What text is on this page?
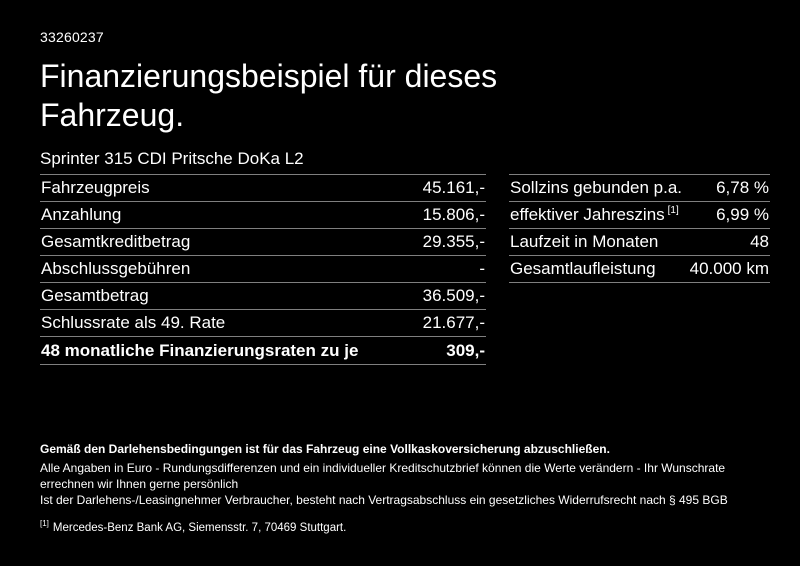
33260237
Finanzierungsbeispiel für dieses Fahrzeug.
Sprinter 315 CDI Pritsche DoKa L2
Fahrzeugpreis	45.161,-
Anzahlung	15.806,-
Gesamtkreditbetrag	29.355,-
Abschlussgebühren	-
Gesamtbetrag	36.509,-
Schlussrate als 49. Rate	21.677,-
48 monatliche Finanzierungsraten zu je	309,-
Sollzins gebunden p.a. 6,78 %
effektiver Jahreszins [1] 6,99 %
Laufzeit in Monaten	48
Gesamtlaufleistung 40.000 km
Gemäß den Darlehensbedingungen ist für das Fahrzeug eine Vollkaskoversicherung abzuschließen.
Alle Angaben in Euro - Rundungsdifferenzen und ein individueller Kreditschutzbrief können die Werte verändern - Ihr Wunschrate errechnen wir Ihnen gerne persönlich
Ist der Darlehens-/Leasingnehmer Verbraucher, besteht nach Vertragsabschluss ein gesetzliches Widerrufsrecht nach § 495 BGB
[1] Mercedes-Benz Bank AG, Siemensstr. 7, 70469 Stuttgart.
